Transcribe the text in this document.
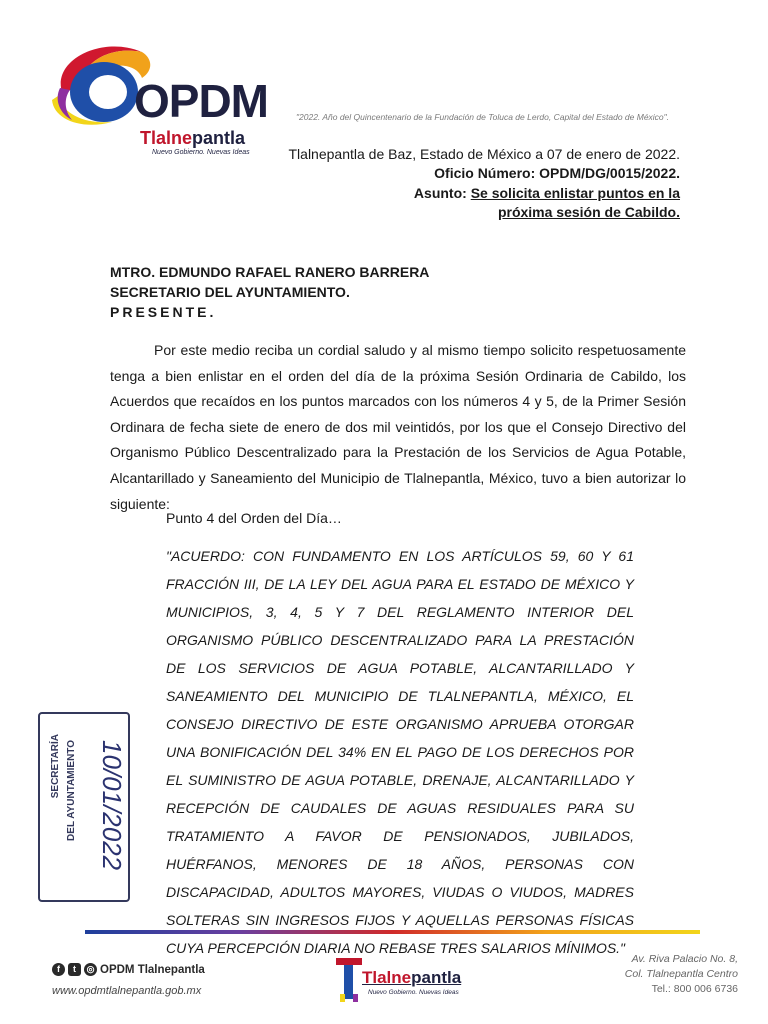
OPDM
Tlalnepantla
Nuevo Gobierno. Nuevas Ideas
"2022. Año del Quincentenario de la Fundación de Toluca de Lerdo, Capital del Estado de México".
Tlalnepantla de Baz, Estado de México a 07 de enero de 2022.
Oficio Número: OPDM/DG/0015/2022.
Asunto: Se solicita enlistar puntos en la
próxima sesión de Cabildo.
MTRO. EDMUNDO RAFAEL RANERO BARRERA
SECRETARIO DEL AYUNTAMIENTO.
PRESENTE.
Por este medio reciba un cordial saludo y al mismo tiempo solicito respetuosamente tenga a bien enlistar en el orden del día de la próxima Sesión Ordinaria de Cabildo, los Acuerdos que recaídos en los puntos marcados con los números 4 y 5, de la Primer Sesión Ordinara de fecha siete de enero de dos mil veintidós, por los que el Consejo Directivo del Organismo Público Descentralizado para la Prestación de los Servicios de Agua Potable, Alcantarillado y Saneamiento del Municipio de Tlalnepantla, México, tuvo a bien autorizar lo siguiente:
Punto 4 del Orden del Día…
"ACUERDO: CON FUNDAMENTO EN LOS ARTÍCULOS 59, 60 Y 61 FRACCIÓN III, DE LA LEY DEL AGUA PARA EL ESTADO DE MÉXICO Y MUNICIPIOS, 3, 4, 5 Y 7 DEL REGLAMENTO INTERIOR DEL ORGANISMO PÚBLICO DESCENTRALIZADO PARA LA PRESTACIÓN DE LOS SERVICIOS DE AGUA POTABLE, ALCANTARILLADO Y SANEAMIENTO DEL MUNICIPIO DE TLALNEPANTLA, MÉXICO, EL CONSEJO DIRECTIVO DE ESTE ORGANISMO APRUEBA OTORGAR UNA BONIFICACIÓN DEL 34% EN EL PAGO DE LOS DERECHOS POR EL SUMINISTRO DE AGUA POTABLE, DRENAJE, ALCANTARILLADO Y RECEPCIÓN DE CAUDALES DE AGUAS RESIDUALES PARA SU TRATAMIENTO A FAVOR DE PENSIONADOS, JUBILADOS, HUÉRFANOS, MENORES DE 18 AÑOS, PERSONAS CON DISCAPACIDAD, ADULTOS MAYORES, VIUDAS O VIUDOS, MADRES SOLTERAS SIN INGRESOS FIJOS Y AQUELLAS PERSONAS FÍSICAS CUYA PERCEPCIÓN DIARIA NO REBASE TRES SALARIOS MÍNIMOS."
SECRETARÍA DEL AYUNTAMIENTO 10/01/2022
f	t	◎ OPDM Tlalnepantla
www.opdmtlalnepantla.gob.mx
Tlalnepantla
Nuevo Gobierno. Nuevas Ideas
Av. Riva Palacio No. 8,
Col. Tlalnepantla Centro
Tel.: 800 006 6736
